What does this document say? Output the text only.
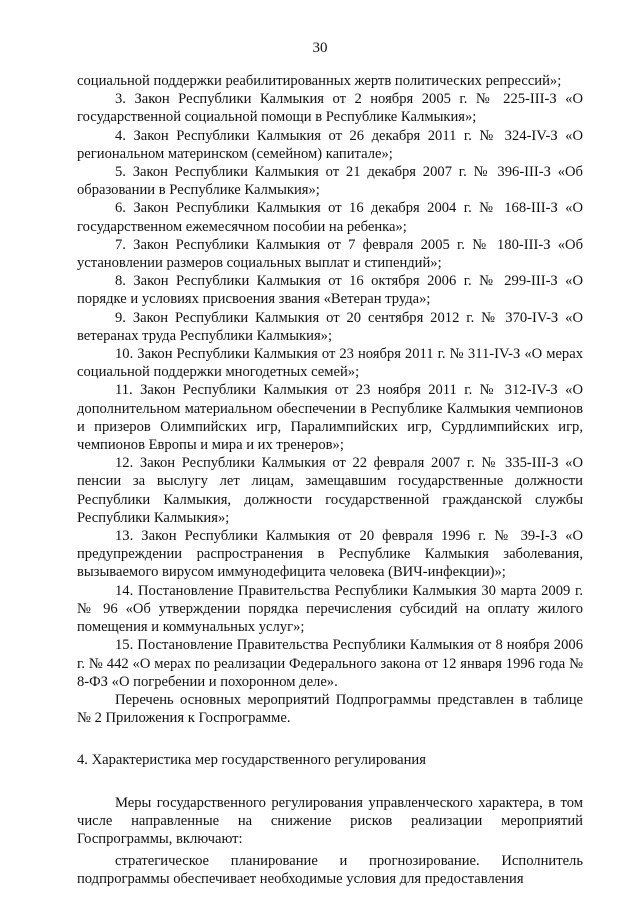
30

социальной поддержки реабилитированных жертв политических репрессий»;

3. Закон Республики Калмыкия от 2 ноября 2005 г. № 225-III-З «О государственной социальной помощи в Республике Калмыкия»;

4. Закон Республики Калмыкия от 26 декабря 2011 г. № 324-IV-З «О региональном материнском (семейном) капитале»;

5. Закон Республики Калмыкия от 21 декабря 2007 г. № 396-III-З «Об образовании в Республике Калмыкия»;

6. Закон Республики Калмыкия от 16 декабря 2004 г. № 168-III-З «О государственном ежемесячном пособии на ребенка»;

7. Закон Республики Калмыкия от 7 февраля 2005 г. № 180-III-З «Об установлении размеров социальных выплат и стипендий»;

8. Закон Республики Калмыкия от 16 октября 2006 г. № 299-III-З «О порядке и условиях присвоения звания «Ветеран труда»;

9. Закон Республики Калмыкия от 20 сентября 2012 г. № 370-IV-З «О ветеранах труда Республики Калмыкия»;

10. Закон Республики Калмыкия от 23 ноября 2011 г. № 311-IV-З «О мерах социальной поддержки многодетных семей»;

11. Закон Республики Калмыкия от 23 ноября 2011 г. № 312-IV-З «О дополнительном материальном обеспечении в Республике Калмыкия чемпионов и призеров Олимпийских игр, Паралимпийских игр, Сурдлимпийских игр, чемпионов Европы и мира и их тренеров»;

12. Закон Республики Калмыкия от 22 февраля 2007 г. № 335-III-З «О пенсии за выслугу лет лицам, замещавшим государственные должности Республики Калмыкия, должности государственной гражданской службы Республики Калмыкия»;

13. Закон Республики Калмыкия от 20 февраля 1996 г. № 39-I-З «О предупреждении распространения в Республике Калмыкия заболевания, вызываемого вирусом иммунодефицита человека (ВИЧ-инфекции)»;

14. Постановление Правительства Республики Калмыкия 30 марта 2009 г. № 96 «Об утверждении порядка перечисления субсидий на оплату жилого помещения и коммунальных услуг»;

15. Постановление Правительства Республики Калмыкия от 8 ноября 2006 г. № 442 «О мерах по реализации Федерального закона от 12 января 1996 года № 8-ФЗ «О погребении и похоронном деле».

Перечень основных мероприятий Подпрограммы представлен в таблице № 2 Приложения к Госпрограмме.

4. Характеристика мер государственного регулирования

Меры государственного регулирования управленческого характера, в том числе направленные на снижение рисков реализации мероприятий Госпрограммы, включают:

стратегическое планирование и прогнозирование. Исполнитель подпрограммы обеспечивает необходимые условия для предоставления
